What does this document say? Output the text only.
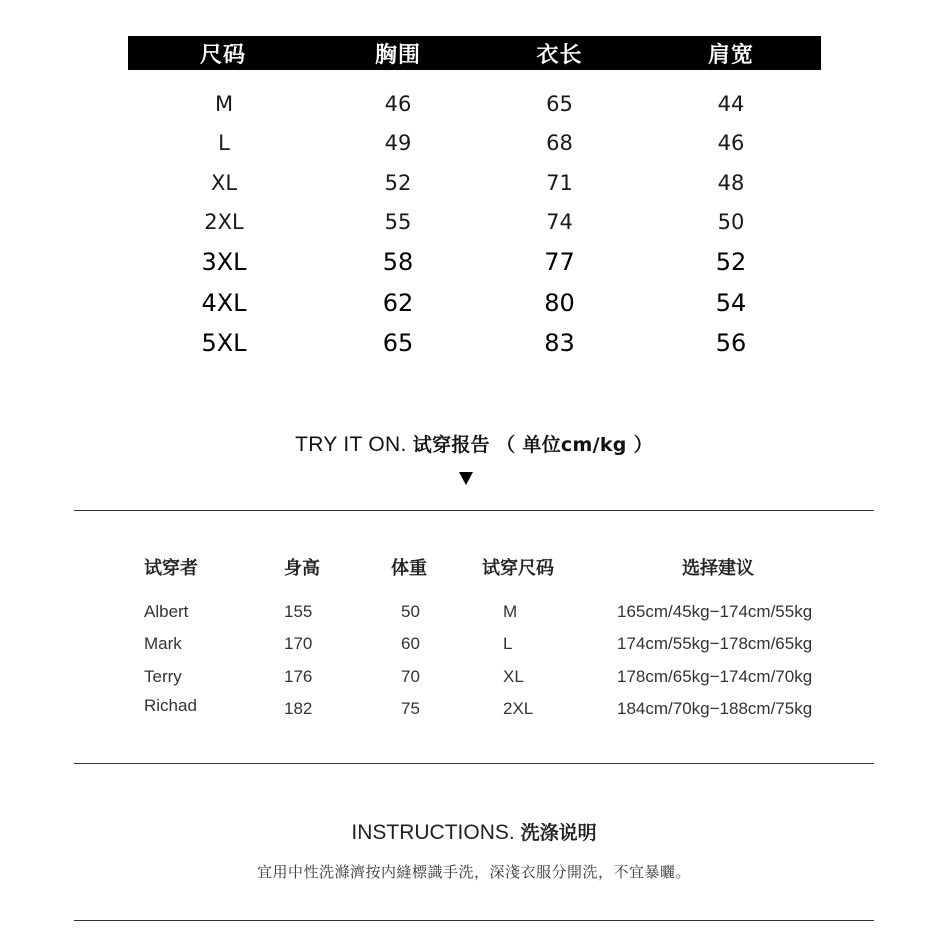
尺码	胸围	衣长	肩宽
M	46	65	44
L	49	68	46
XL	52	71	48
2XL	55	74	50
3XL	58	77	52
4XL	62	80	54
5XL	65	83	56
TRY IT ON. 试穿报告 （ 单位cm/kg ）
试穿者	身高	体重	试穿尺码	选择建议
Albert	155	50	M	165cm/45kg−174cm/55kg
Mark	170	60	L	174cm/55kg−178cm/65kg
Terry	176	70	XL	178cm/65kg−174cm/70kg
Richad	182	75	2XL	184cm/70kg−188cm/75kg
INSTRUCTIONS. 洗涤说明
宜用中性洗滌濟按内縫標識手洗，深淺衣服分開洗，不宜暴曬。
